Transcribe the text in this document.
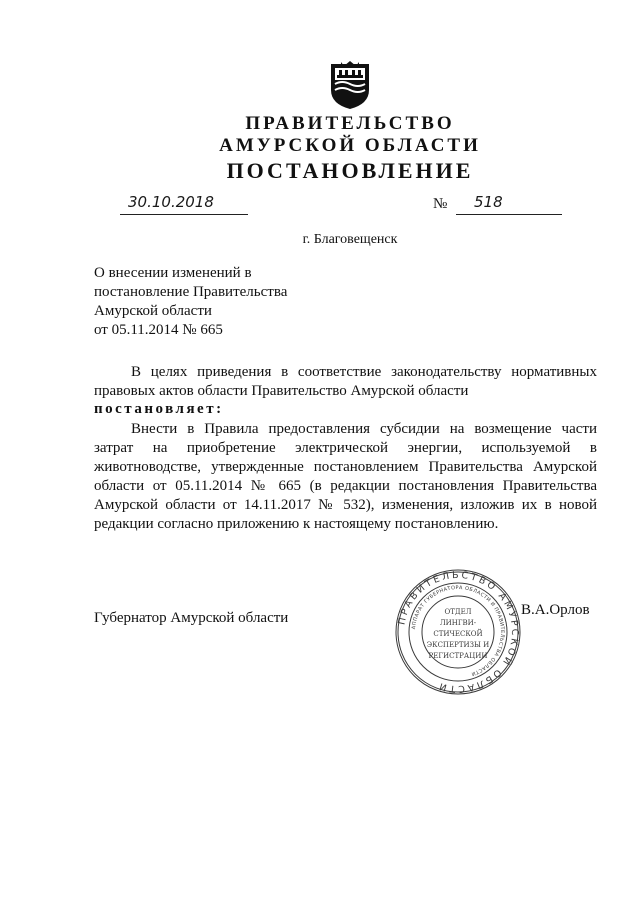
ПРАВИТЕЛЬСТВО
АМУРСКОЙ ОБЛАСТИ
ПОСТАНОВЛЕНИЕ
30.10.2018	№ 518
г. Благовещенск
О внесении изменений в
постановление Правительства
Амурской области
от 05.11.2014 № 665
В целях приведения в соответствие законодательству нормативных
правовых актов области Правительство Амурской области
постановляет:
Внести в Правила предоставления субсидии на возмещение части
затрат на приобретение электрической энергии, используемой в
животноводстве, утвержденные постановлением Правительства Амурской
области от 05.11.2014 № 665 (в редакции постановления Правительства
Амурской области от 14.11.2017 № 532), изменения, изложив их в новой
редакции согласно приложению к настоящему постановлению.
Губернатор Амурской области	В.А.Орлов
ПРАВИТЕЛЬСТВО АМУРСКОЙ ОБЛАСТИ
АППАРАТ ГУБЕРНАТОРА ОБЛАСТИ И ПРАВИТЕЛЬСТВА ОБЛАСТИ
ОТДЕЛ
ЛИНГВИ-
СТИЧЕСКОЙ
ЭКСПЕРТИЗЫ И
РЕГИСТРАЦИИ
